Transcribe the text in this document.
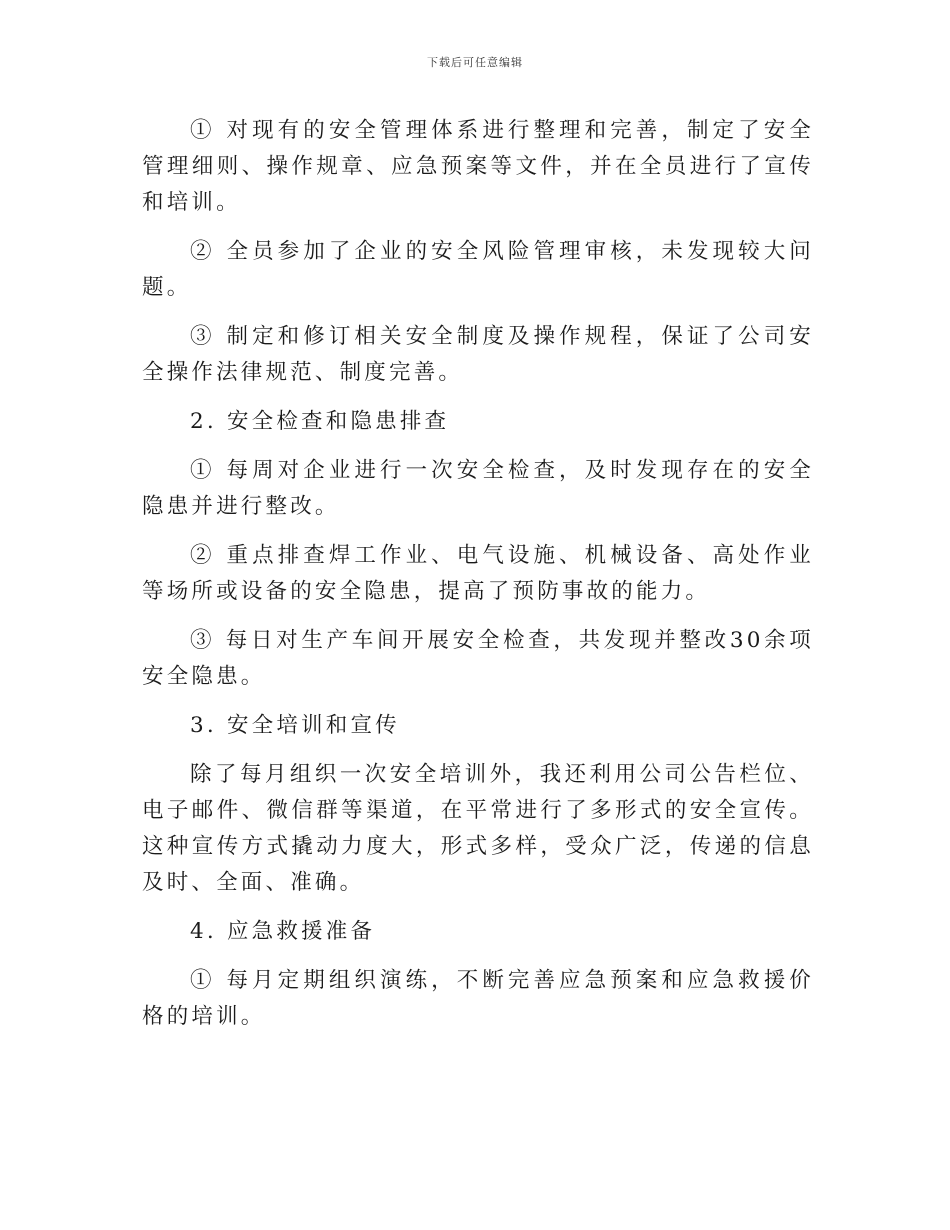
下载后可任意编辑

① 对现有的安全管理体系进行整理和完善，制定了安全管理细则、操作规章、应急预案等文件，并在全员进行了宣传和培训。

② 全员参加了企业的安全风险管理审核，未发现较大问题。

③ 制定和修订相关安全制度及操作规程，保证了公司安全操作法律规范、制度完善。

2. 安全检查和隐患排查

① 每周对企业进行一次安全检查，及时发现存在的安全隐患并进行整改。

② 重点排查焊工作业、电气设施、机械设备、高处作业等场所或设备的安全隐患，提高了预防事故的能力。

③ 每日对生产车间开展安全检查，共发现并整改30余项安全隐患。

3. 安全培训和宣传

除了每月组织一次安全培训外，我还利用公司公告栏位、电子邮件、微信群等渠道，在平常进行了多形式的安全宣传。这种宣传方式撬动力度大，形式多样，受众广泛，传递的信息及时、全面、准确。

4. 应急救援准备

① 每月定期组织演练，不断完善应急预案和应急救援价格的培训。
